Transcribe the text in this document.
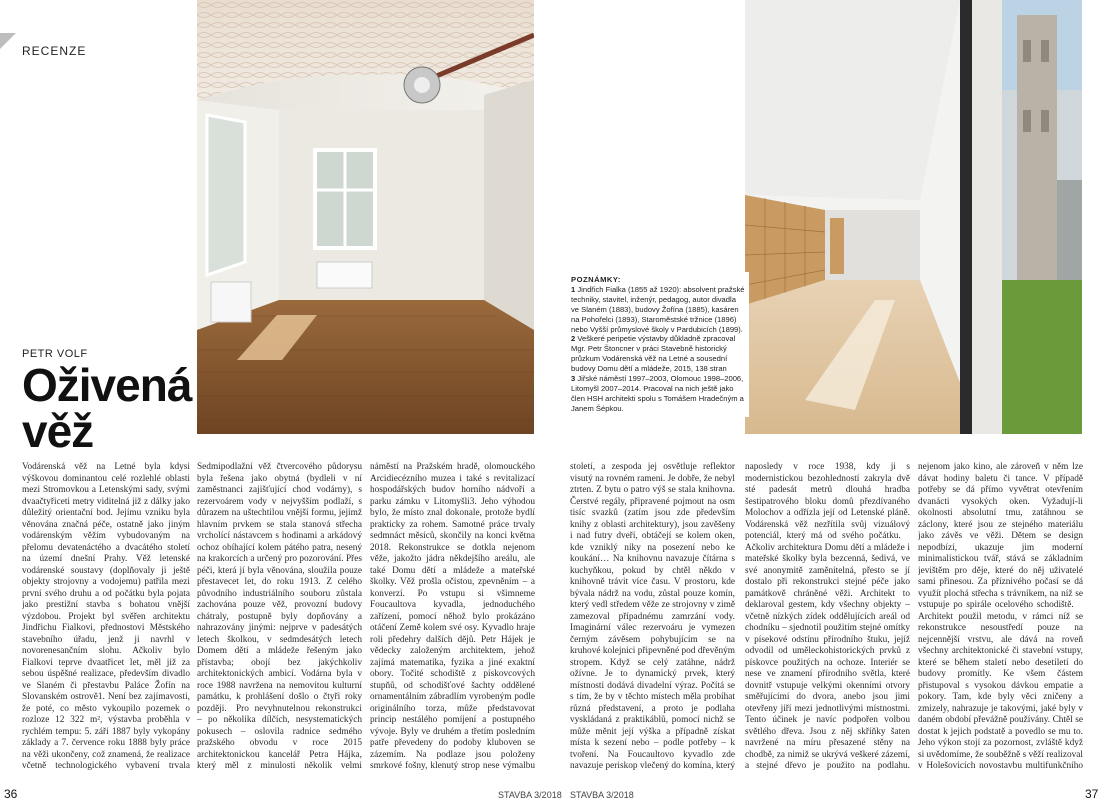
RECENZE
PETR VOLF
Oživená
věž
POZNÁMKY:
1 Jindřich Fialka (1855 až 1920): absolvent pražské techniky, stavitel, inženýr, pedagog, autor divadla ve Slaném (1883), budovy Žofína (1885), kasáren na Pohořelci (1893), Staroměstské tržnice (1896) nebo Vyšší průmyslové školy v Pardubicích (1899).
2 Veškeré peripetie výstavby důkladně zpracoval Mgr. Petr Štoncner v práci Stavebně historický průzkum Vodárenská věž na Letné a sousední budovy Domu dětí a mládeže, 2015, 138 stran
3 Jiřské náměstí 1997–2003, Olomouc 1998–2006, Litomyšl 2007–2014. Pracoval na nich ještě jako člen HSH architekti spolu s Tomášem Hradečným a Janem Šépkou.

Vodárenská věž na Letné byla kdysi výškovou dominantou celé rozlehlé oblasti mezi Stromovkou a Letenskými sady, svými dvaačtyřiceti metry viditelná již z dálky jako důležitý orientační bod. Jejímu vzniku byla věnována značná péče, ostatně jako jiným vodárenským věžím vybudovaným na přelomu devatenáctého a dvacátého století na území dnešní Prahy. Věž letenské vodárenské soustavy (doplňovaly ji ještě objekty strojovny a vodojemu) patřila mezi první svého druhu a od počátku byla pojata jako prestižní stavba s bohatou vnější výzdobou. Projekt byl svěřen architektu Jindřichu Fialkovi, přednostovi Městského stavebního úřadu, jenž ji navrhl v novorenesančním slohu. Ačkoliv bylo Fialkovi teprve dvaatřicet let, měl již za sebou úspěšné realizace, především divadlo ve Slaném či přestavbu Paláce Žofín na Slovanském ostrově1. Není bez zajímavosti, že poté, co město vykoupilo pozemek o rozloze 12 322 m², výstavba proběhla v rychlém tempu: 5. září 1887 byly vykopány základy a 7. července roku 1888 byly práce na věži ukončeny, což znamená, že realizace včetně technologického vybavení trvala

Sedmipodlažní věž čtvercového půdorysu byla řešena jako obytná (bydleli v ní zaměstnanci zajišťující chod vodárny), s rezervoárem vody v nejvyšším podlaží, s důrazem na uštechtilou vnější formu, jejímž hlavním prvkem se stala stanová střecha vrcholící nástavcem s hodinami a arkádový ochoz obíhající kolem pátého patra, nesený na krakorcích a určený pro pozorování. Přes péči, která jí byla věnována, sloužila pouze přestavecet let, do roku 1913. Z celého původního industriálního souboru zůstala zachována pouze věž, provozní budovy chátraly, postupně byly dopňovány a nahrazovány jinými: nejprve v padesátých letech školkou, v sedmdesátých letech Domem dětí a mládeže řešeným jako přístavba; obojí bez jakýchkoliv architektonických ambicí. Vodárna byla v roce 1988 navržena na nemovitou kulturní památku, k prohlášení došlo o čtyři roky později. Pro nevyhnutelnou rekonstrukci – po několika dílčích, nesystematických pokusech – oslovila radnice sedmého pražského obvodu v roce 2015 architektonickou kancelář Petra Hájka, který měl z minulosti několik velmi

náměstí na Pražském hradě, olomouckého Arcidiecézního muzea i také s revitalizací hospodářských budov horního nádvoří a parku zámku v Litomyšli3. Jeho výhodou bylo, že místo znal dokonale, protože bydlí prakticky za rohem. Samotné práce trvaly sedmnáct měsíců, skončily na konci května 2018. Rekonstrukce se dotkla nejenom věže, jakožto jádra někdejšího areálu, ale také Domu dětí a mládeže a mateřské školky. Věž prošla očistou, zpevněním – a konverzí. Po vstupu si všimneme Foucaultova kyvadla, jednoduchého zařízení, pomocí něhož bylo prokázáno otáčení Země kolem své osy. Kyvadlo hraje roli předehry dalších dějů. Petr Hájek je vědecky založeným architektem, jehož zajímá matematika, fyzika a jiné exaktní obory. Točité schodiště z pískovcových stupňů, od schodišťové šachty oddělené ornamentálním zábradlím vyrobeným podle originálního torza, může představovat princip nestálého pomíjení a postupného vývoje. Byly ve druhém a třetím posledním patře převedeny do podoby kluboven se zázemím. Na podlaze jsou položeny smrkové fošny, klenutý strop nese výmalbu

století, a zespoda jej osvětluje reflektor visutý na rovném rameni. Je dobře, že nebyl ztrten. Z bytu o patro výš se stala knihovna. Čerstvé regály, připravené pojmout na osm tisíc svazků (zatím jsou zde především knihy z oblasti architektury), jsou zavěšeny i nad futry dveří, obtáčejí se kolem oken, kde vzniklý niky na posezení nebo ke koukání… Na knihovnu navazuje čítárna s kuchyňkou, pokud by chtěl někdo v knihovně trávit více času. V prostoru, kde bývala nádrž na vodu, zůstal pouze komín, který vedl středem věže ze strojovny v zimě zamezoval případnému zamrzání vody. Imaginární válec rezervoáru je vymezen černým závěsem pohybujícím se na kruhové kolejnici připevněné pod dřevěným stropem. Když se celý zatáhne, nádrž ožívne. Je to dynamický prvek, který místnosti dodává divadelní výraz. Počítá se s tím, že by v těchto místech měla probíhat různá představení, a proto je podlaha vyskládaná z praktikáblů, pomocí nichž se může měnit její výška a případně získat místa k sezení nebo – podle potřeby – k tvoření. Na Foucaultovo kyvadlo zde navazuje periskop vlečený do komína, který

naposledy v roce 1938, kdy ji s modernistickou bezohledností zakryla dvě sté padesát metrů dlouhá hradba šestipatrového bloku domů přezdívaného Molochov a odřízla její od Letenské pláně. Vodárenská věž nezřítila svůj vizuálový potenciál, který má od svého počátku. Ačkoliv architektura Domu dětí a mládeže i mateřské školky byla bezcenná, šedivá, ve své anonymitě zaměnitelná, přesto se jí dostalo při rekonstrukci stejné péče jako památkově chráněné věži. Architekt to deklaroval gestem, kdy všechny objekty – včetně nízkých zídek oddělujících areál od chodníku – sjednotil použitím stejné omítky v písekové odstínu přírodního štuku, jejíž odvodil od uměleckohistorických prvků z pískovce použitých na ochoze. Interiér se nese ve znamení přírodního světla, které dovnitř vstupuje velkými okenními otvory směřujícími do dvora, anebo jsou jimi otevřeny jiří mezi jednotlivými místnostmi. Tento účinek je navíc podpořen volbou světlého dřeva. Jsou z něj skříňky šaten navržené na míru přesazené stěny na chodbě, za nimiž se ukrývá veškeré zázemí, a stejné dřevo je použito na podlahu.

nejenom jako kino, ale zároveň v něm lze dávat hodiny baletu či tance. V případě potřeby se dá přímo vyvětrat otevřením dvanácti vysokých oken. Vyžadují-li okolnosti absolutní tmu, zatáhnou se záclony, které jsou ze stejného materiálu jako závěs ve věži. Dětem se design nepodbízí, ukazuje jim moderní minimalistickou tvář, stává se základním jevištěm pro děje, které do něj uživatelé sami přinesou. Za příznivého počasí se dá využít plochá střecha s trávníkem, na níž se vstupuje po spirále ocelového schodiště. Architekt použil metodu, v rámci níž se rekonstrukce nesoustředí pouze na nejcennější vrstvu, ale dává na roveň všechny architektonické či stavební vstupy, které se během staletí nebo desetiletí do budovy promítly. Ke všem částem přistupoval s vysokou dávkou empatie a pokory. Tam, kde byly věci zničeny a zmizely, nahrazuje je takovými, jaké byly v daném období převážně používány. Chtěl se dostat k jejich podstatě a povedlo se mu to. Jeho výkon stojí za pozornost, zvláště když si uvědomíme, že souběžně s věží realizoval v Holešovicích novostavbu multifunkčního

36	STAVBA 3/2018 STAVBA 3/2018	37
